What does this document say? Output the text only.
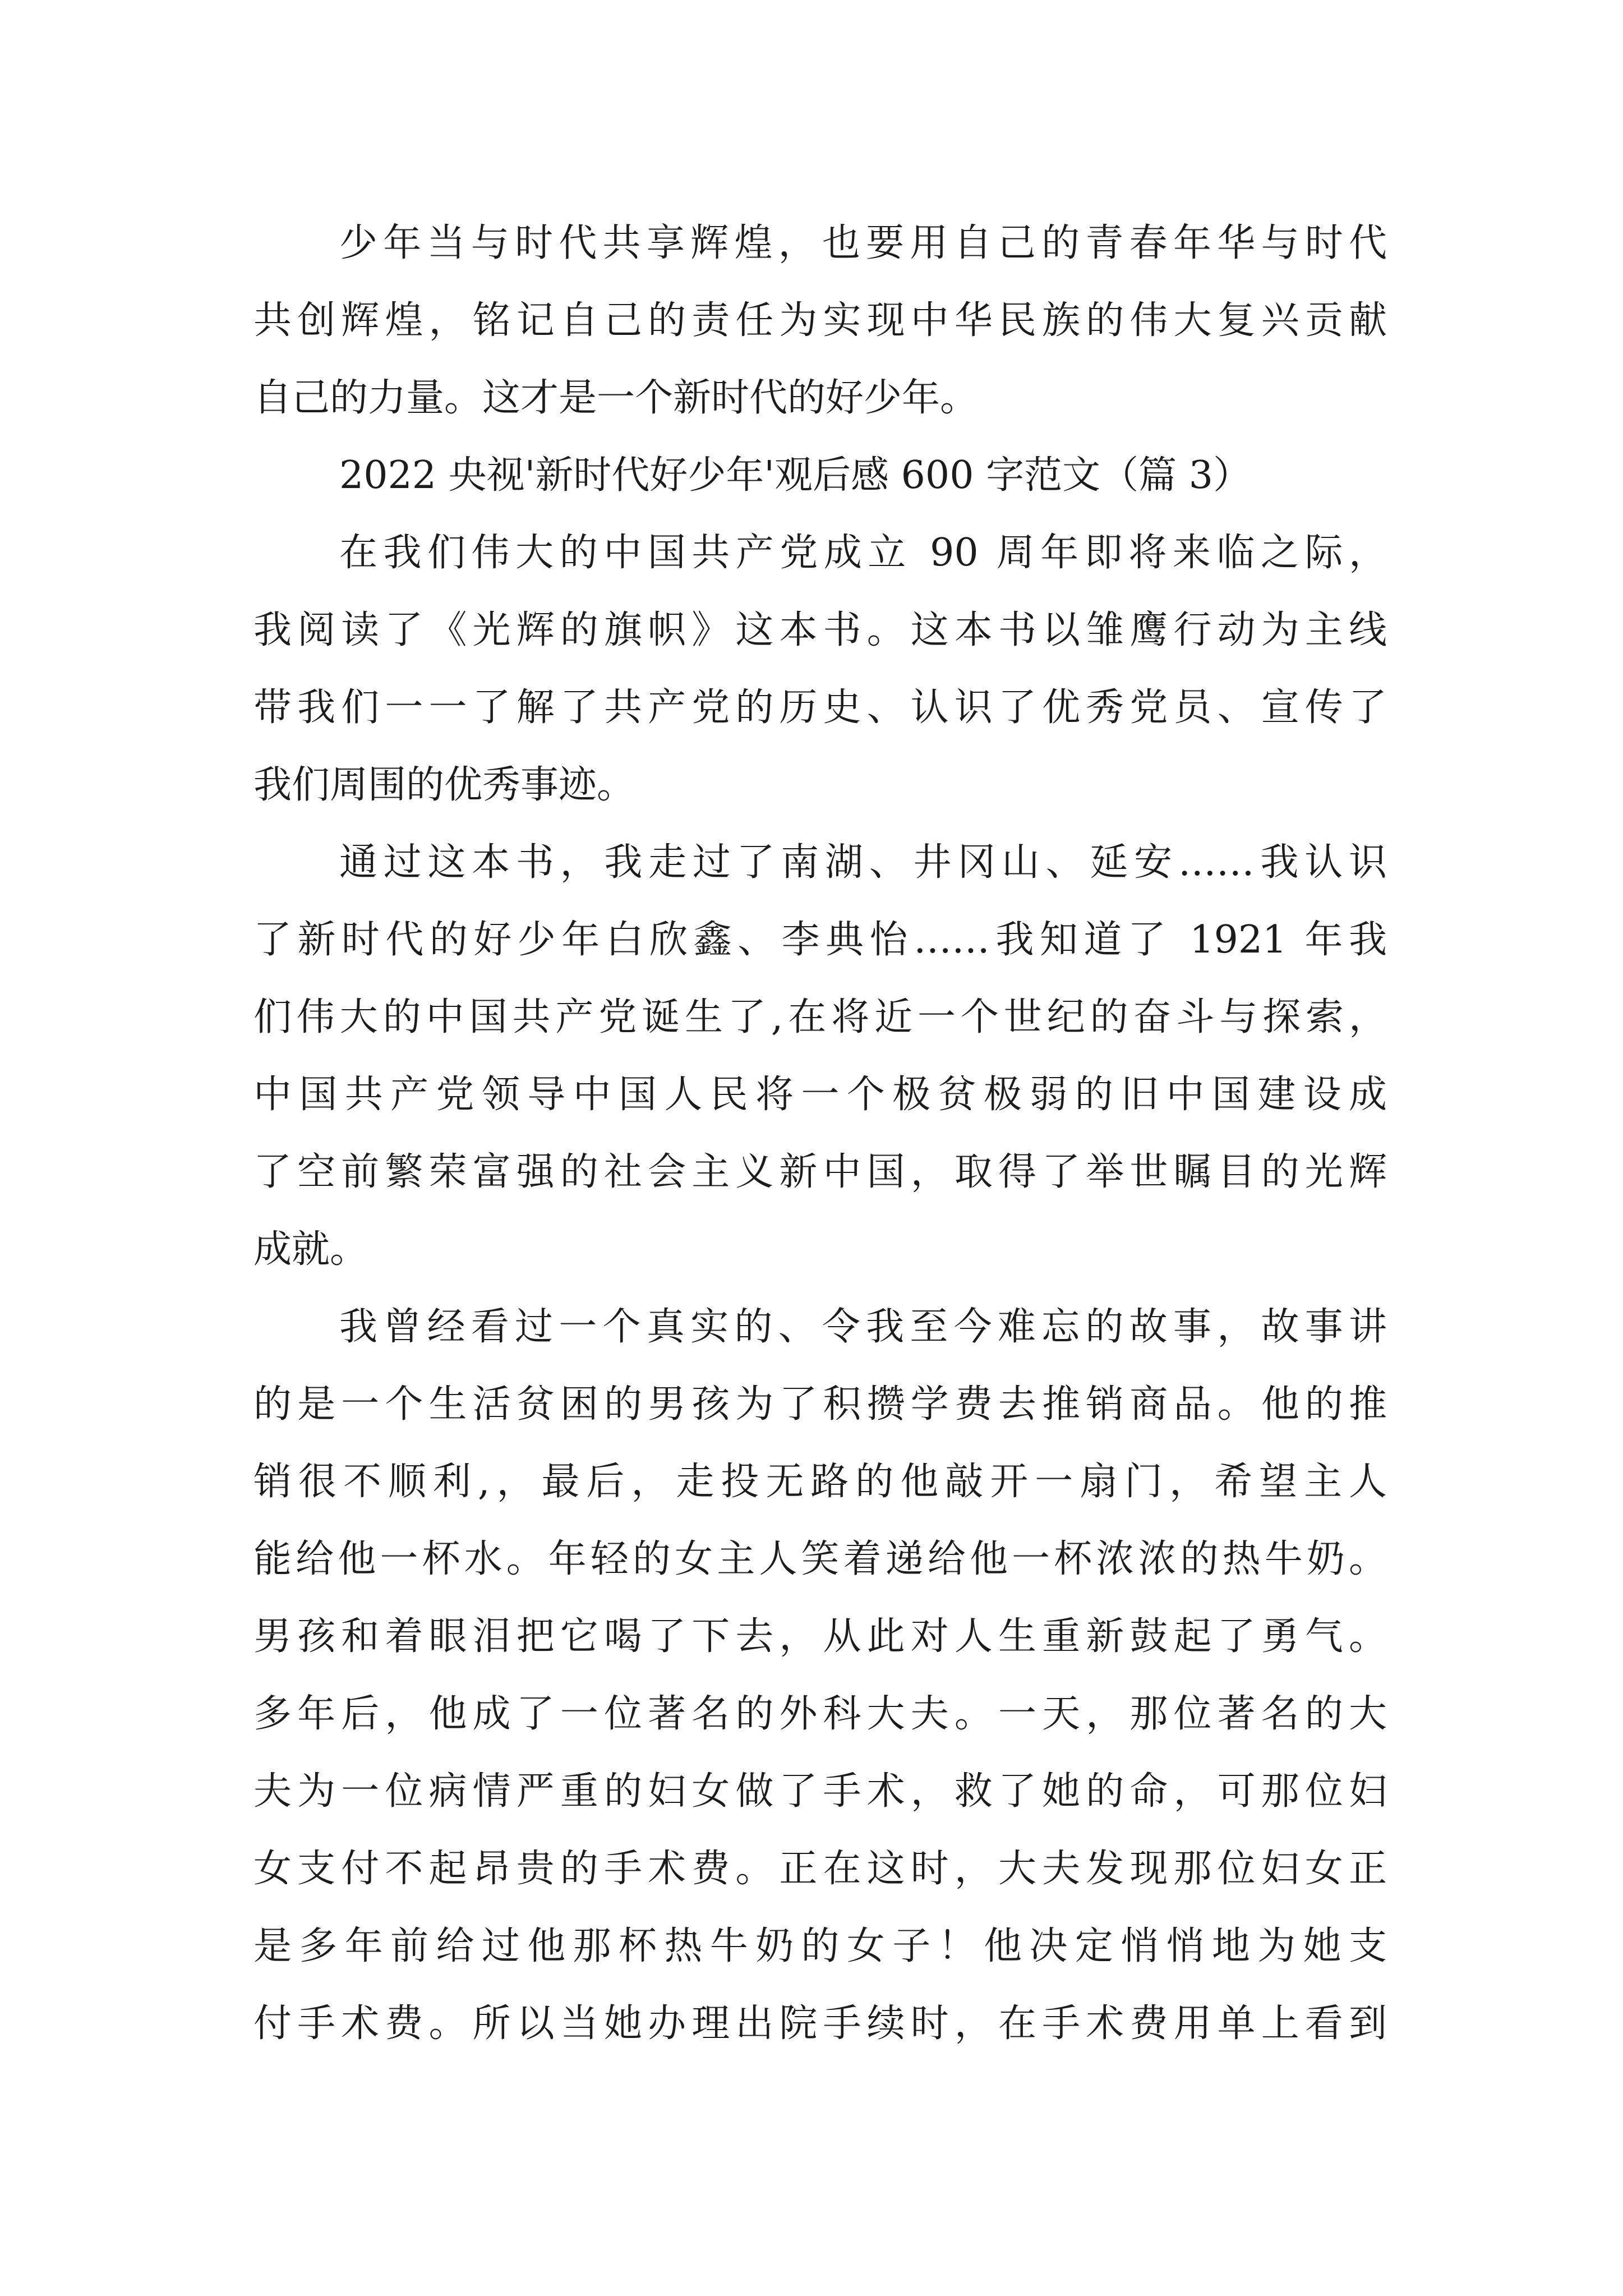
少年当与时代共享辉煌，也要用自己的青春年华与时代
共创辉煌，铭记自己的责任为实现中华民族的伟大复兴贡献
自己的力量。这才是一个新时代的好少年。
2022 央视'新时代好少年'观后感 600 字范文（篇 3）
在我们伟大的中国共产党成立 90 周年即将来临之际，
我阅读了《光辉的旗帜》这本书。这本书以雏鹰行动为主线
带我们一一了解了共产党的历史、认识了优秀党员、宣传了
我们周围的优秀事迹。
通过这本书，我走过了南湖、井冈山、延安……我认识
了新时代的好少年白欣鑫、李典怡……我知道了 1921 年我
们伟大的中国共产党诞生了,在将近一个世纪的奋斗与探索，
中国共产党领导中国人民将一个极贫极弱的旧中国建设成
了空前繁荣富强的社会主义新中国，取得了举世瞩目的光辉
成就。
我曾经看过一个真实的、令我至今难忘的故事，故事讲
的是一个生活贫困的男孩为了积攒学费去推销商品。他的推
销很不顺利,，最后，走投无路的他敲开一扇门，希望主人
能给他一杯水。年轻的女主人笑着递给他一杯浓浓的热牛奶。
男孩和着眼泪把它喝了下去，从此对人生重新鼓起了勇气。
多年后，他成了一位著名的外科大夫。一天，那位著名的大
夫为一位病情严重的妇女做了手术，救了她的命，可那位妇
女支付不起昂贵的手术费。正在这时，大夫发现那位妇女正
是多年前给过他那杯热牛奶的女子！他决定悄悄地为她支
付手术费。所以当她办理出院手续时，在手术费用单上看到
